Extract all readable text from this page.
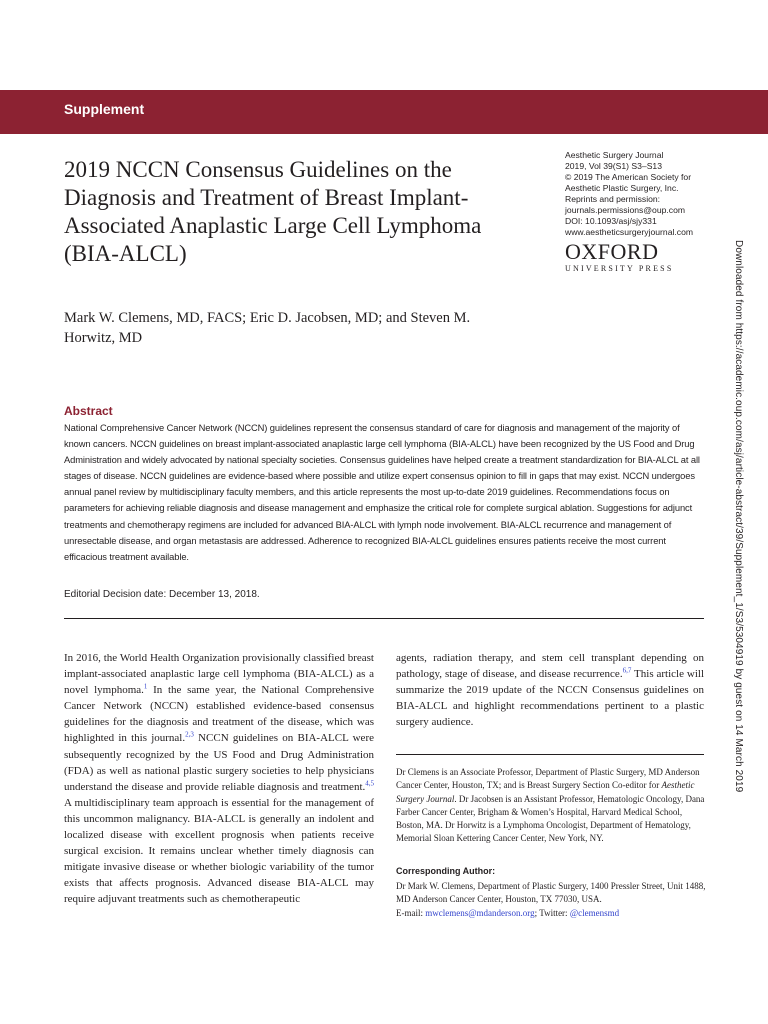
Supplement
2019 NCCN Consensus Guidelines on the Diagnosis and Treatment of Breast Implant-Associated Anaplastic Large Cell Lymphoma (BIA-ALCL)
Aesthetic Surgery Journal
2019, Vol 39(S1) S3–S13
© 2019 The American Society for
Aesthetic Plastic Surgery, Inc.
Reprints and permission:
journals.permissions@oup.com
DOI: 10.1093/asj/sjy331
www.aestheticsurgeryjournal.com
OXFORD
UNIVERSITY PRESS
Mark W. Clemens, MD, FACS; Eric D. Jacobsen, MD; and Steven M. Horwitz, MD
Abstract
National Comprehensive Cancer Network (NCCN) guidelines represent the consensus standard of care for diagnosis and management of the majority of known cancers. NCCN guidelines on breast implant-associated anaplastic large cell lymphoma (BIA-ALCL) have been recognized by the US Food and Drug Administration and widely advocated by national specialty societies. Consensus guidelines have helped create a treatment standardization for BIA-ALCL at all stages of disease. NCCN guidelines are evidence-based where possible and utilize expert consensus opinion to fill in gaps that may exist. NCCN undergoes annual panel review by multidisciplinary faculty members, and this article represents the most up-to-date 2019 guidelines. Recommendations focus on parameters for achieving reliable diagnosis and disease management and emphasize the critical role for complete surgical ablation. Suggestions for adjunct treatments and chemotherapy regimens are included for advanced BIA-ALCL with lymph node involvement. BIA-ALCL recurrence and management of unresectable disease, and organ metastasis are addressed. Adherence to recognized BIA-ALCL guidelines ensures patients receive the most current efficacious treatment available.
Editorial Decision date: December 13, 2018.
In 2016, the World Health Organization provisionally classified breast implant-associated anaplastic large cell lymphoma (BIA-ALCL) as a novel lymphoma.$^1$ In the same year, the National Comprehensive Cancer Network (NCCN) established evidence-based consensus guidelines for the diagnosis and treatment of the disease, which was highlighted in this journal.$^{2,3}$ NCCN guidelines on BIA-ALCL were subsequently recognized by the US Food and Drug Administration (FDA) as well as national plastic surgery societies to help physicians understand the disease and provide reliable diagnosis and treatment.$^{4,5}$ A multidisciplinary team approach is essential for the management of this uncommon malignancy. BIA-ALCL is generally an indolent and localized disease with excellent prognosis when patients receive surgical excision. It remains unclear whether timely diagnosis can mitigate invasive disease or whether biologic variability of the tumor exists that affects prognosis. Advanced disease BIA-ALCL may require adjuvant treatments such as chemotherapeutic
agents, radiation therapy, and stem cell transplant depending on pathology, stage of disease, and disease recurrence.$^{6,7}$ This article will summarize the 2019 update of the NCCN Consensus guidelines on BIA-ALCL and highlight recommendations pertinent to a plastic surgery audience.
Dr Clemens is an Associate Professor, Department of Plastic Surgery, MD Anderson Cancer Center, Houston, TX; and is Breast Surgery Section Co-editor for Aesthetic Surgery Journal. Dr Jacobsen is an Assistant Professor, Hematologic Oncology, Dana Farber Cancer Center, Brigham & Women’s Hospital, Harvard Medical School, Boston, MA. Dr Horwitz is a Lymphoma Oncologist, Department of Hematology, Memorial Sloan Kettering Cancer Center, New York, NY.
Corresponding Author:
Dr Mark W. Clemens, Department of Plastic Surgery, 1400 Pressler Street, Unit 1488, MD Anderson Cancer Center, Houston, TX 77030, USA.
E-mail: mwclemens@mdanderson.org; Twitter: @clemensmd
Downloaded from https://academic.oup.com/asj/article-abstract/39/Supplement_1/S3/5304919 by guest on 14 March 2019
